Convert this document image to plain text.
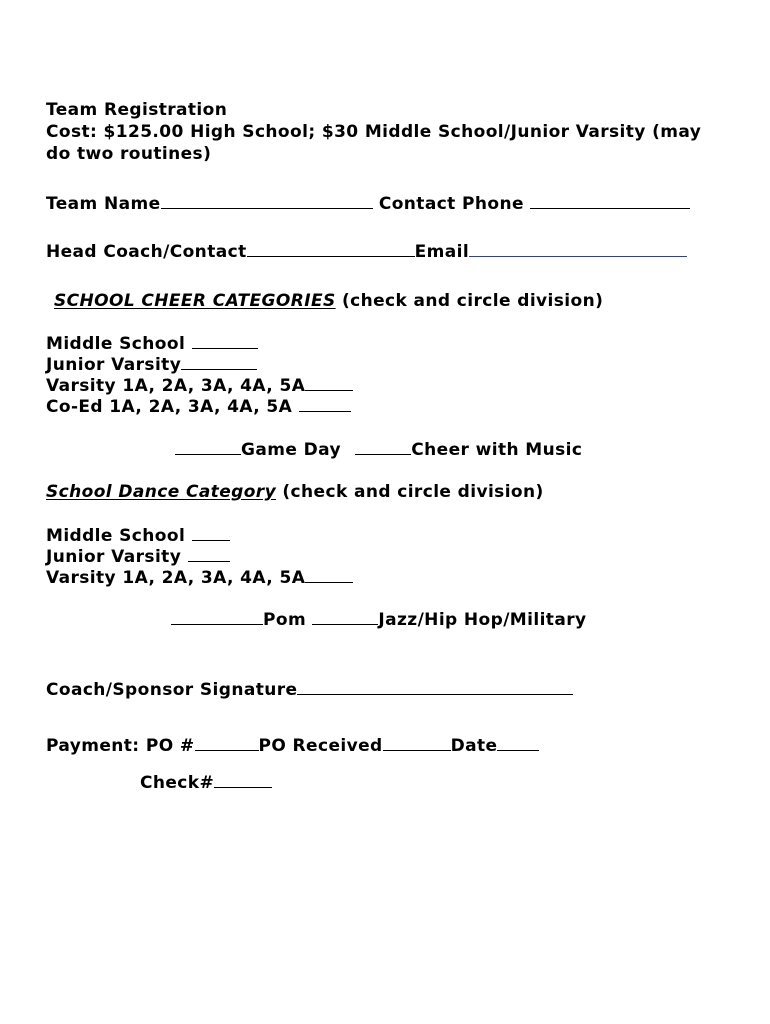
Team Registration
Cost: $125.00 High School; $30 Middle School/Junior Varsity (may
do two routines)
Team Name	Contact Phone
Head Coach/Contact	Email
SCHOOL CHEER CATEGORIES (check and circle division)
Middle School
Junior Varsity
Varsity 1A, 2A, 3A, 4A, 5A
Co-Ed 1A, 2A, 3A, 4A, 5A
Game Day	Cheer with Music
School Dance Category (check and circle division)
Middle School
Junior Varsity
Varsity 1A, 2A, 3A, 4A, 5A
Pom	Jazz/Hip Hop/Military
Coach/Sponsor Signature
Payment: PO #	PO Received	Date
Check#
